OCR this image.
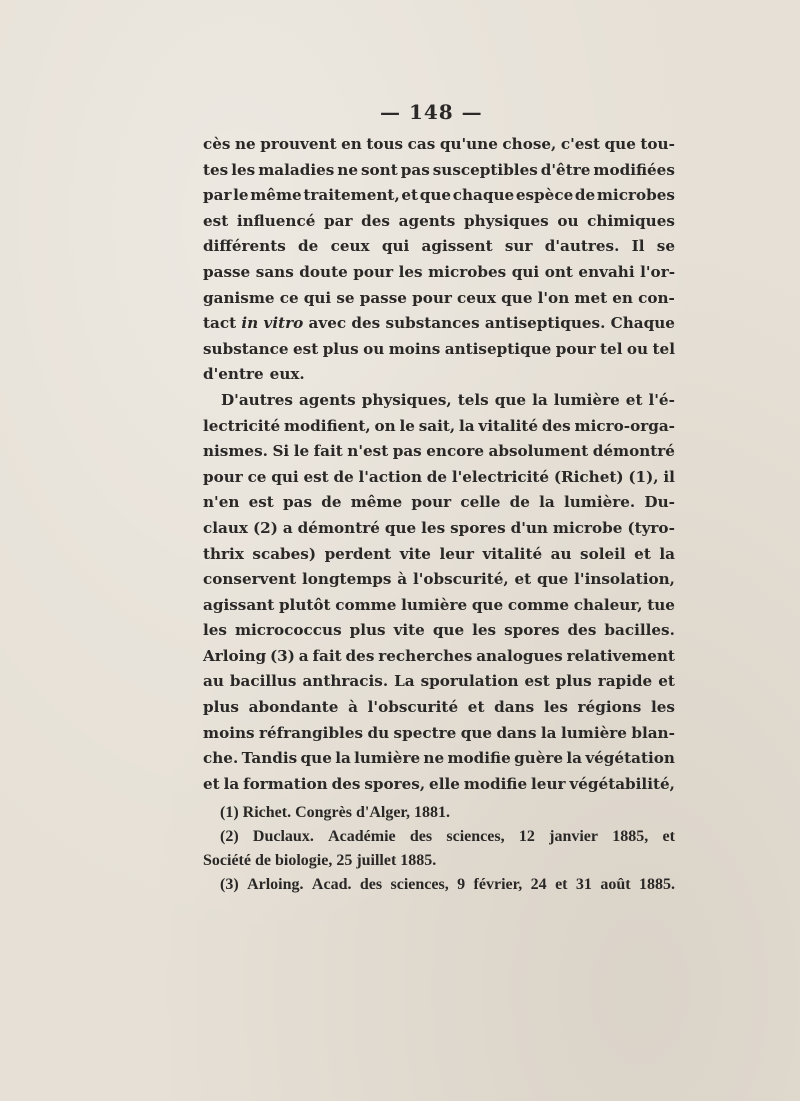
— 148 —
cès ne prouvent en tous cas qu'une chose, c'est que tou-
tes les maladies ne sont pas susceptibles d'être modifiées
par le même traitement, et que chaque espèce de microbes
est influencé par des agents physiques ou chimiques
différents de ceux qui agissent sur d'autres. Il se
passe sans doute pour les microbes qui ont envahi l'or-
ganisme ce qui se passe pour ceux que l'on met en con-
tact in vitro avec des substances antiseptiques. Chaque
substance est plus ou moins antiseptique pour tel ou tel
d'entre eux.
D'autres agents physiques, tels que la lumière et l'é-
lectricité modifient, on le sait, la vitalité des micro-orga-
nismes. Si le fait n'est pas encore absolument démontré
pour ce qui est de l'action de l'electricité (Richet) (1), il
n'en est pas de même pour celle de la lumière. Du-
claux (2) a démontré que les spores d'un microbe (tyro-
thrix scabes) perdent vite leur vitalité au soleil et la
conservent longtemps à l'obscurité, et que l'insolation,
agissant plutôt comme lumière que comme chaleur, tue
les micrococcus plus vite que les spores des bacilles.
Arloing (3) a fait des recherches analogues relativement
au bacillus anthracis. La sporulation est plus rapide et
plus abondante à l'obscurité et dans les régions les
moins réfrangibles du spectre que dans la lumière blan-
che. Tandis que la lumière ne modifie guère la végétation
et la formation des spores, elle modifie leur végétabilité,
(1) Richet. Congrès d'Alger, 1881.
(2) Duclaux. Académie des sciences, 12 janvier 1885, et
Société de biologie, 25 juillet 1885.
(3) Arloing. Acad. des sciences, 9 février, 24 et 31 août 1885.
